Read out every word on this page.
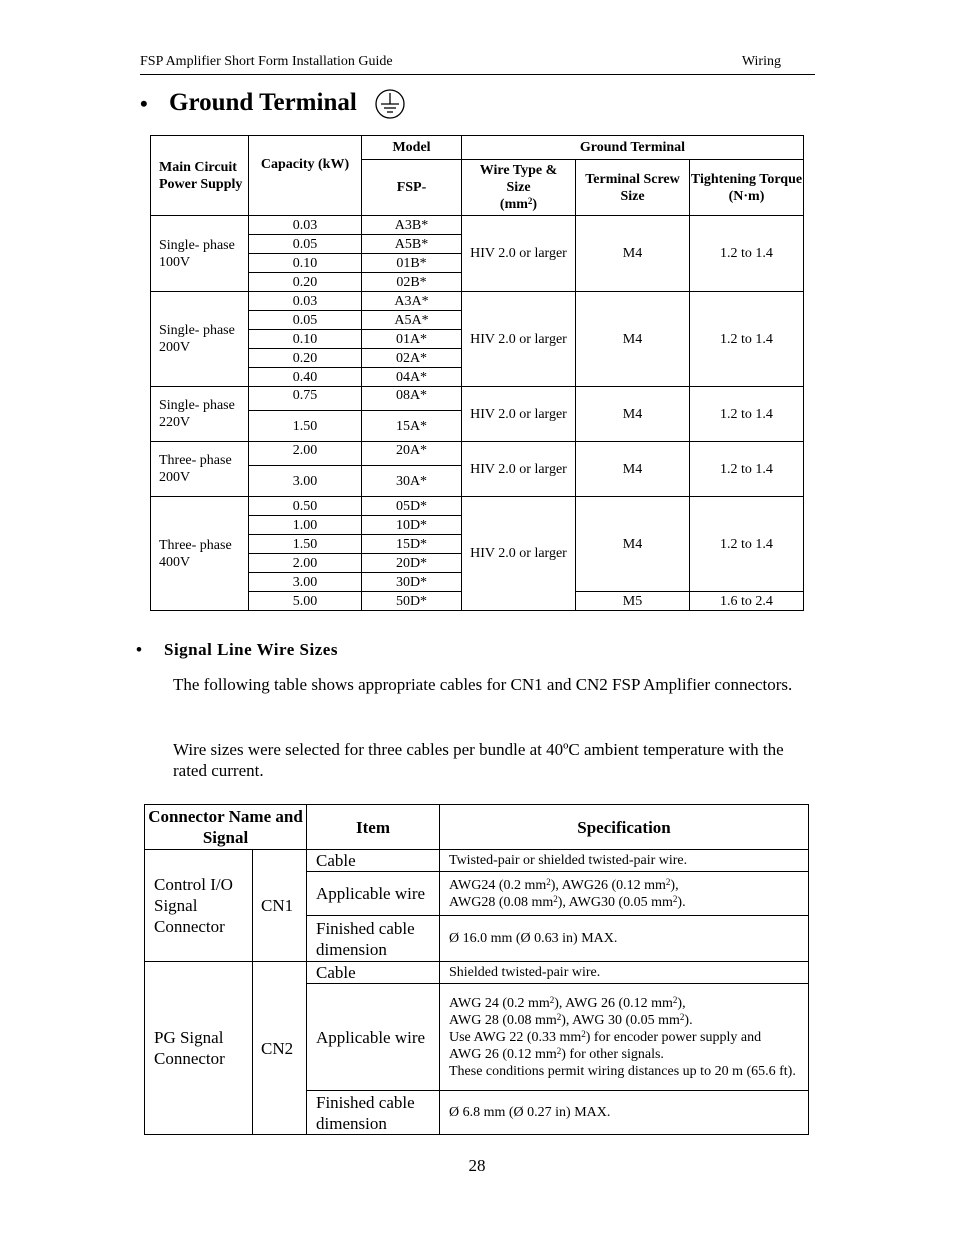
FSP Amplifier Short Form Installation Guide	Wiring
• Ground Terminal
Main Circuit Power Supply	Capacity (kW)	Model	Ground Terminal		
		FSP-	Wire Type &
Size
$(mm^2)$	Terminal Screw Size	Tightening Torque
(N·m)
Single- phase 100V	0.03	A3B*	HIV 2.0 or larger	M4	1.2 to 1.4
	0.05	A5B*			
	0.10	01B*			
	0.20	02B*			
Single- phase 200V	0.03	A3A*	HIV 2.0 or larger	M4	1.2 to 1.4
	0.05	A5A*			
	0.10	01A*			
	0.20	02A*			
	0.40	04A*			
Single- phase 220V	0.75	08A*	HIV 2.0 or larger	M4	1.2 to 1.4
	1.50	15A*			
Three- phase 200V	2.00	20A*	HIV 2.0 or larger	M4	1.2 to 1.4
	3.00	30A*			
Three- phase 400V	0.50	05D*	HIV 2.0 or larger	M4	1.2 to 1.4
	1.00	10D*			
	1.50	15D*			
	2.00	20D*			
	3.00	30D*			
	5.00	50D*		M5	1.6 to 2.4
• Signal Line Wire Sizes
The following table shows appropriate cables for CN1 and CN2 FSP Amplifier connectors.
Wire sizes were selected for three cables per bundle at 40ºC ambient temperature with the rated current.
Connector Name and Signal		Item	Specification
Control I/O Signal Connector	CN1	Cable	Twisted-pair or shielded twisted-pair wire.
		Applicable wire	AWG24 (0.2 $mm^2$), AWG26 (0.12 $mm^2$),
AWG28 (0.08 $mm^2$), AWG30 (0.05 $mm^2$).
		Finished cable dimension	Ø 16.0 mm (Ø 0.63 in) MAX.
PG Signal Connector	CN2	Cable	Shielded twisted-pair wire.
		Applicable wire	AWG 24 (0.2 $mm^2$), AWG 26 (0.12 $mm^2$),
AWG 28 (0.08 $mm^2$), AWG 30 (0.05 $mm^2$).
Use AWG 22 (0.33 $mm^2$) for encoder power supply and
AWG 26 (0.12 $mm^2$) for other signals.
These conditions permit wiring distances up to 20 m (65.6 ft).
		Finished cable dimension	Ø 6.8 mm (Ø 0.27 in) MAX.
28
